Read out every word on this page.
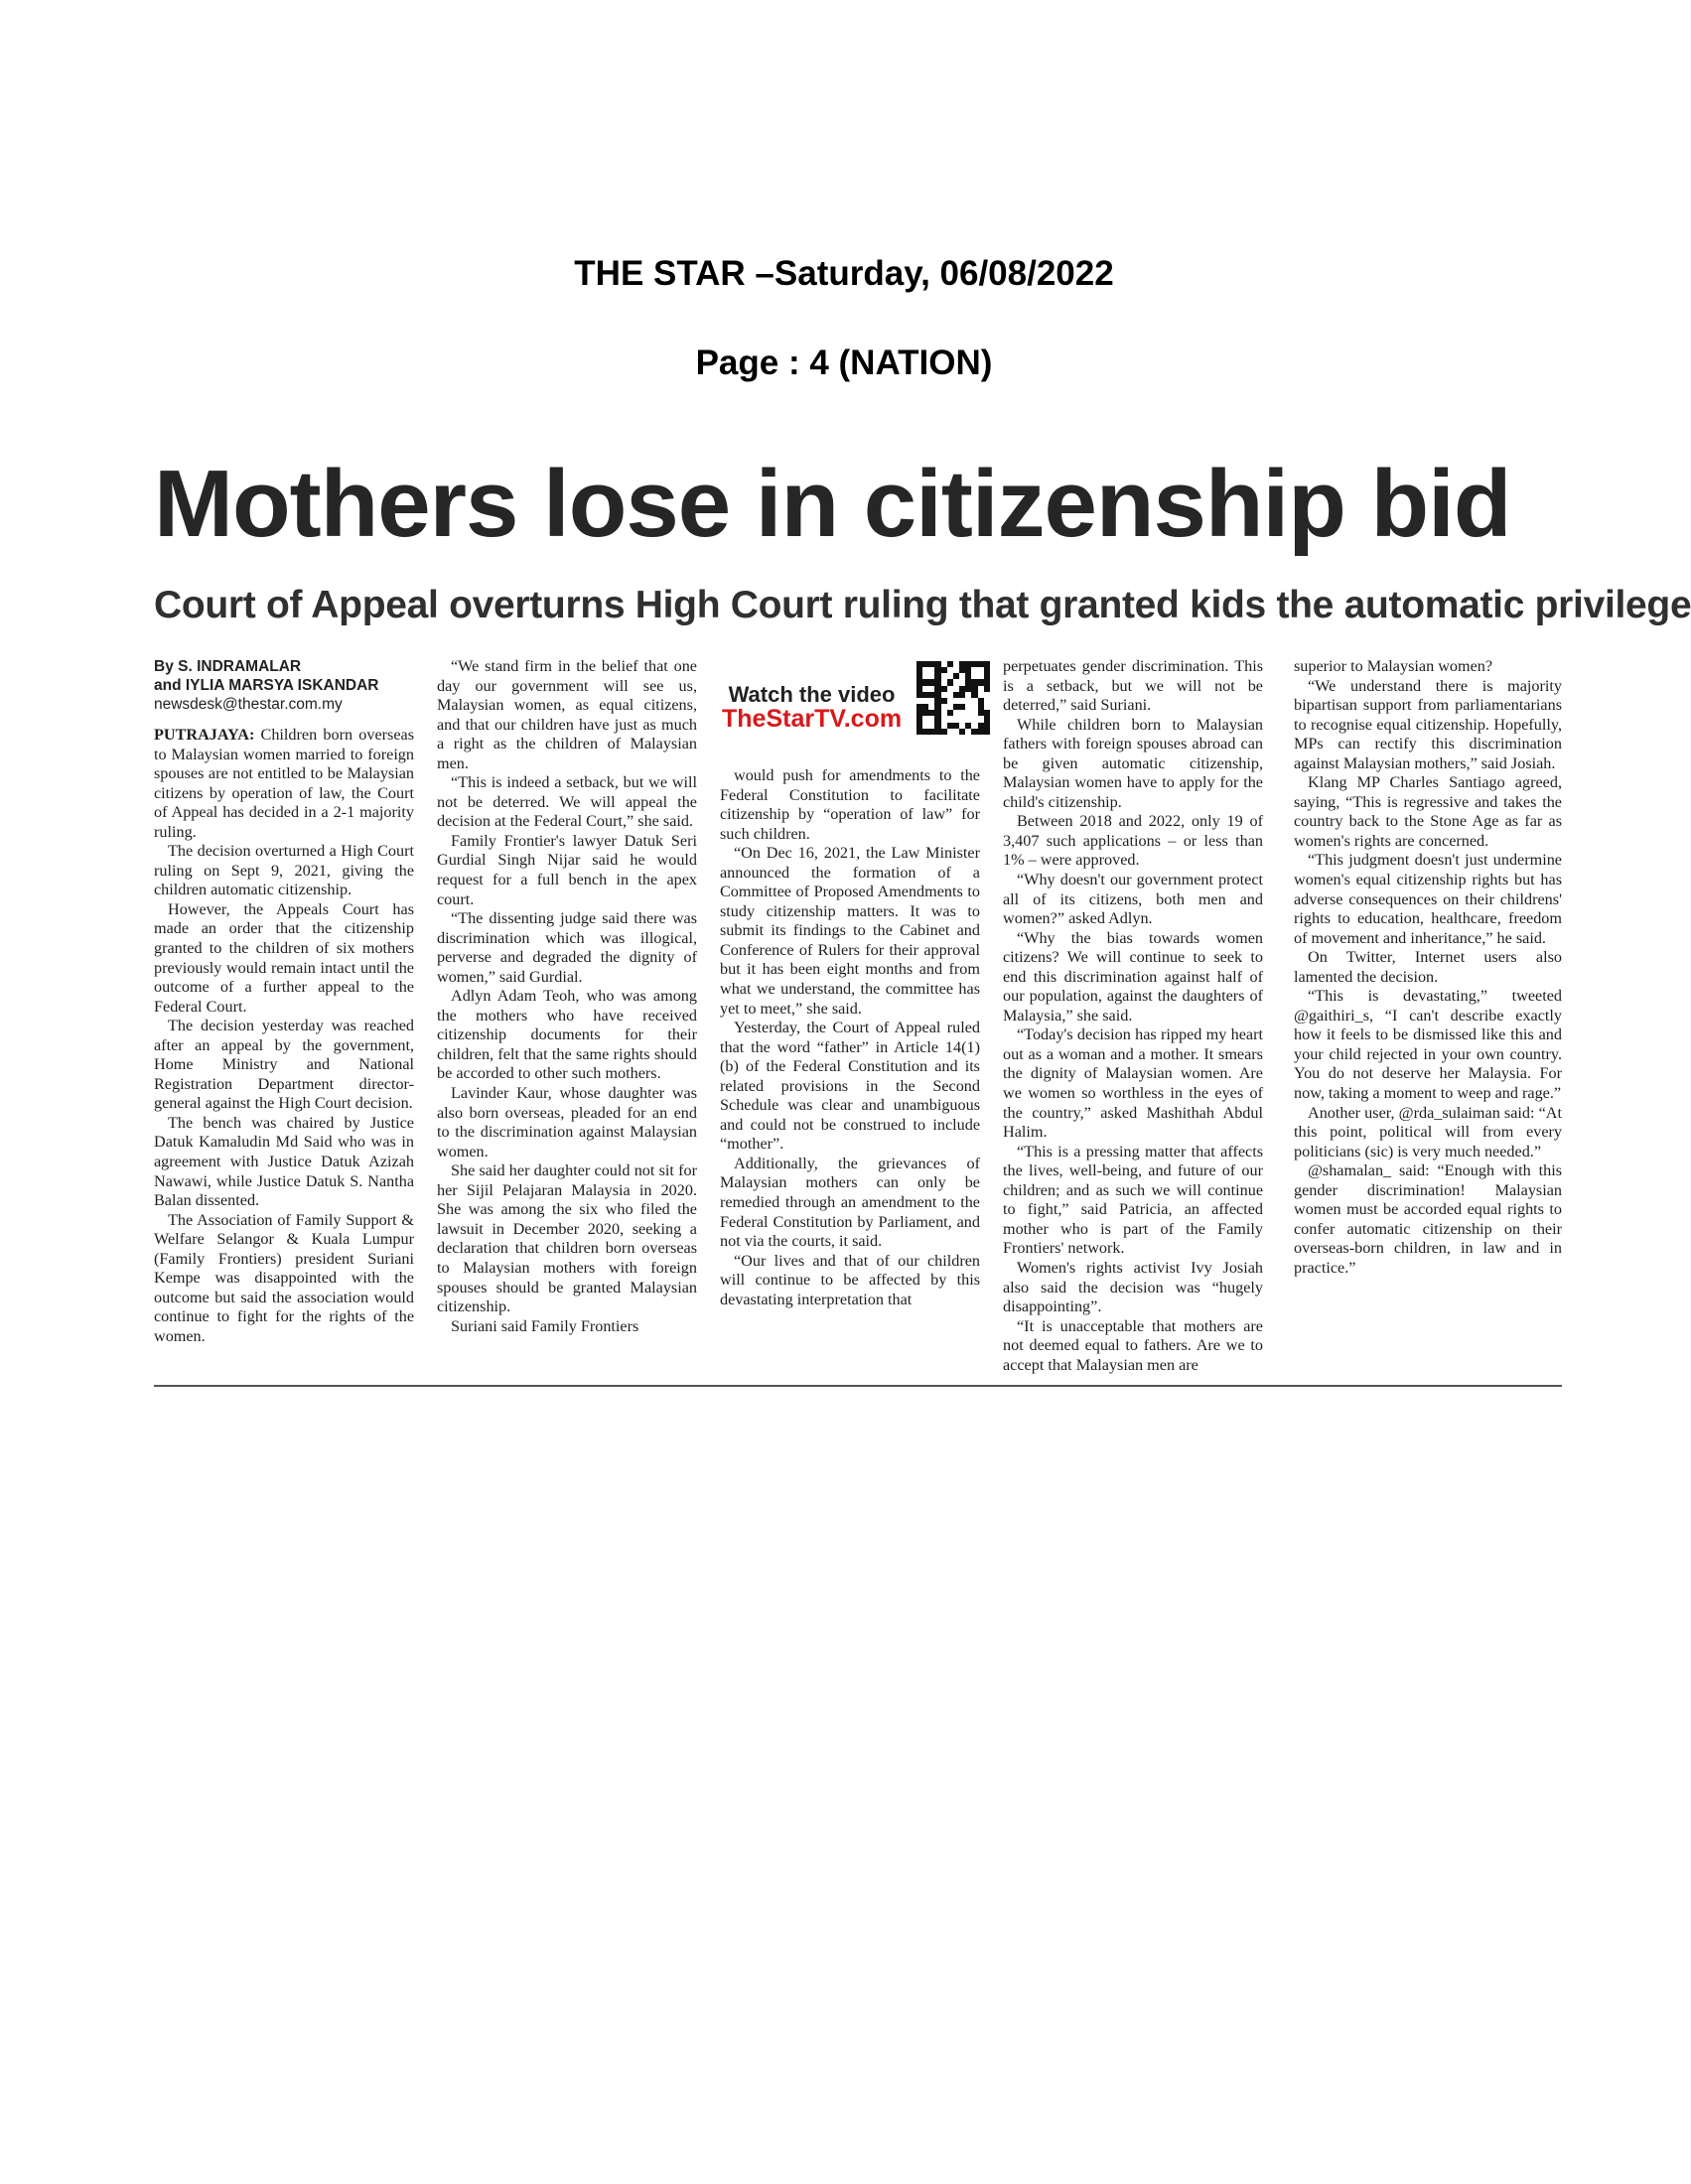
THE STAR –Saturday, 06/08/2022
Page : 4 (NATION)
Mothers lose in citizenship bid
Court of Appeal overturns High Court ruling that granted kids the automatic privilege
By S. INDRAMALAR
and IYLIA MARSYA ISKANDAR
newsdesk@thestar.com.my

PUTRAJAYA: Children born overseas to Malaysian women married to foreign spouses are not entitled to be Malaysian citizens by operation of law, the Court of Appeal has decided in a 2-1 majority ruling.

The decision overturned a High Court ruling on Sept 9, 2021, giving the children automatic citizenship.

However, the Appeals Court has made an order that the citizenship granted to the children of six mothers previously would remain intact until the outcome of a further appeal to the Federal Court.

The decision yesterday was reached after an appeal by the government, Home Ministry and National Registration Department director-general against the High Court decision.

The bench was chaired by Justice Datuk Kamaludin Md Said who was in agreement with Justice Datuk Azizah Nawawi, while Justice Datuk S. Nantha Balan dissented.

The Association of Family Support & Welfare Selangor & Kuala Lumpur (Family Frontiers) president Suriani Kempe was disappointed with the outcome but said the association would continue to fight for the rights of the women.

“We stand firm in the belief that one day our government will see us, Malaysian women, as equal citizens, and that our children have just as much a right as the children of Malaysian men.

“This is indeed a setback, but we will not be deterred. We will appeal the decision at the Federal Court,” she said.

Family Frontier's lawyer Datuk Seri Gurdial Singh Nijar said he would request for a full bench in the apex court.

“The dissenting judge said there was discrimination which was illogical, perverse and degraded the dignity of women,” said Gurdial.

Adlyn Adam Teoh, who was among the mothers who have received citizenship documents for their children, felt that the same rights should be accorded to other such mothers.

Lavinder Kaur, whose daughter was also born overseas, pleaded for an end to the discrimination against Malaysian women.

She said her daughter could not sit for her Sijil Pelajaran Malaysia in 2020. She was among the six who filed the lawsuit in December 2020, seeking a declaration that children born overseas to Malaysian mothers with foreign spouses should be granted Malaysian citizenship.

Suriani said Family Frontiers

Watch the video
TheStarTV.com

would push for amendments to the Federal Constitution to facilitate citizenship by “operation of law” for such children.

“On Dec 16, 2021, the Law Minister announced the formation of a Committee of Proposed Amendments to study citizenship matters. It was to submit its findings to the Cabinet and Conference of Rulers for their approval but it has been eight months and from what we understand, the committee has yet to meet,” she said.

Yesterday, the Court of Appeal ruled that the word “father” in Article 14(1)(b) of the Federal Constitution and its related provisions in the Second Schedule was clear and unambiguous and could not be construed to include “mother”.

Additionally, the grievances of Malaysian mothers can only be remedied through an amendment to the Federal Constitution by Parliament, and not via the courts, it said.

“Our lives and that of our children will continue to be affected by this devastating interpretation that

perpetuates gender discrimination. This is a setback, but we will not be deterred,” said Suriani.

While children born to Malaysian fathers with foreign spouses abroad can be given automatic citizenship, Malaysian women have to apply for the child's citizenship.

Between 2018 and 2022, only 19 of 3,407 such applications – or less than 1% – were approved.

“Why doesn't our government protect all of its citizens, both men and women?” asked Adlyn.

“Why the bias towards women citizens? We will continue to seek to end this discrimination against half of our population, against the daughters of Malaysia,” she said.

“Today's decision has ripped my heart out as a woman and a mother. It smears the dignity of Malaysian women. Are we women so worthless in the eyes of the country,” asked Mashithah Abdul Halim.

“This is a pressing matter that affects the lives, well-being, and future of our children; and as such we will continue to fight,” said Patricia, an affected mother who is part of the Family Frontiers' network.

Women's rights activist Ivy Josiah also said the decision was “hugely disappointing”.

“It is unacceptable that mothers are not deemed equal to fathers. Are we to accept that Malaysian men are

superior to Malaysian women?

“We understand there is majority bipartisan support from parliamentarians to recognise equal citizenship. Hopefully, MPs can rectify this discrimination against Malaysian mothers,” said Josiah.

Klang MP Charles Santiago agreed, saying, “This is regressive and takes the country back to the Stone Age as far as women's rights are concerned.

“This judgment doesn't just undermine women's equal citizenship rights but has adverse consequences on their childrens' rights to education, healthcare, freedom of movement and inheritance,” he said.

On Twitter, Internet users also lamented the decision.

“This is devastating,” tweeted @gaithiri_s, “I can't describe exactly how it feels to be dismissed like this and your child rejected in your own country. You do not deserve her Malaysia. For now, taking a moment to weep and rage.”

Another user, @rda_sulaiman said: “At this point, political will from every politicians (sic) is very much needed.”

@shamalan_ said: “Enough with this gender discrimination! Malaysian women must be accorded equal rights to confer automatic citizenship on their overseas-born children, in law and in practice.”
